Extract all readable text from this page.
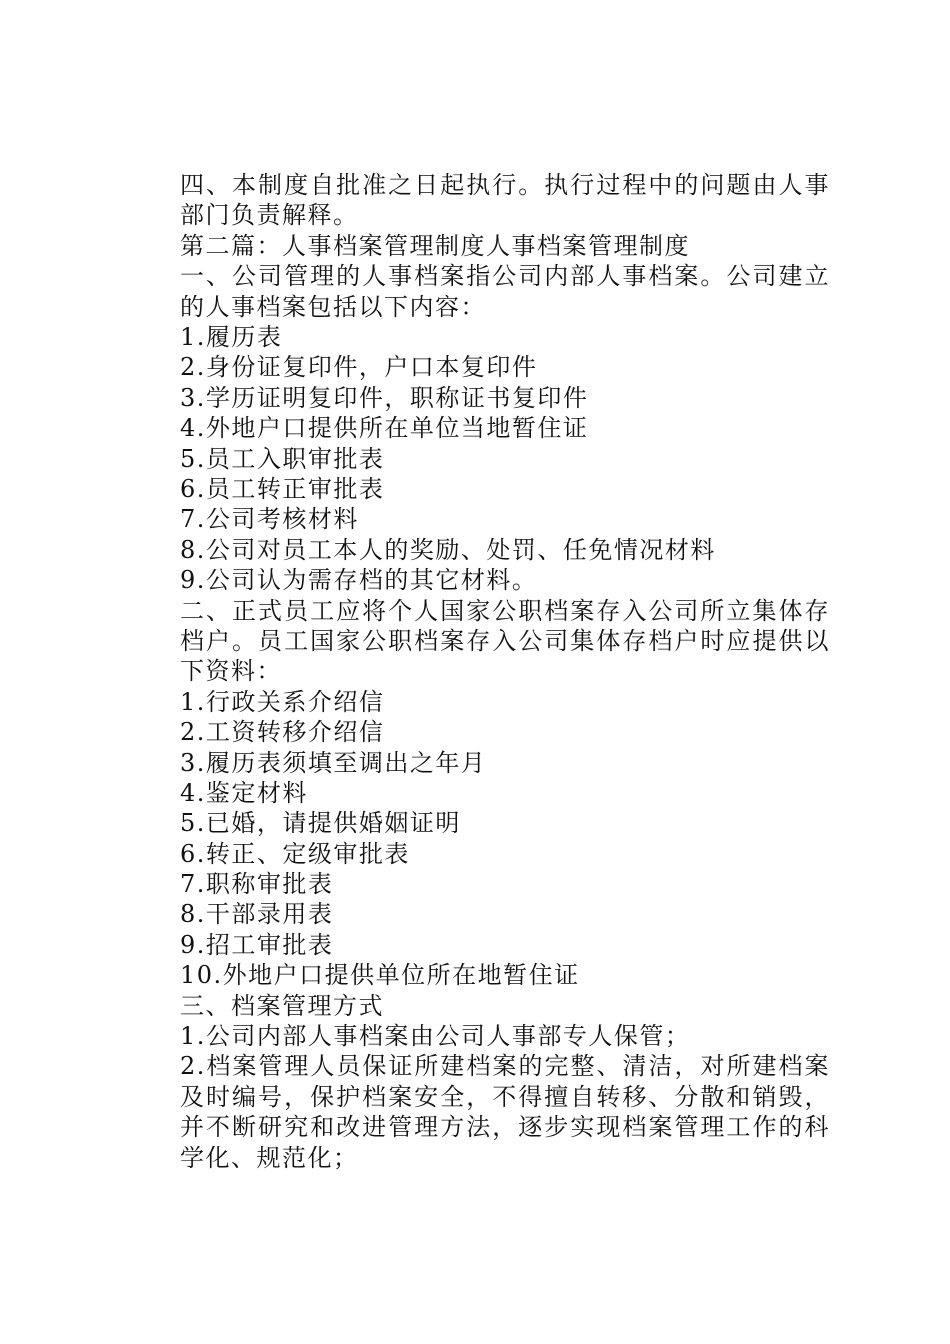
四、本制度自批准之日起执行。执行过程中的问题由人事部门负责解释。
第二篇：人事档案管理制度人事档案管理制度
一、公司管理的人事档案指公司内部人事档案。公司建立的人事档案包括以下内容：
1.履历表
2.身份证复印件，户口本复印件
3.学历证明复印件，职称证书复印件
4.外地户口提供所在单位当地暂住证
5.员工入职审批表
6.员工转正审批表
7.公司考核材料
8.公司对员工本人的奖励、处罚、任免情况材料
9.公司认为需存档的其它材料。
二、正式员工应将个人国家公职档案存入公司所立集体存档户。员工国家公职档案存入公司集体存档户时应提供以下资料：
1.行政关系介绍信
2.工资转移介绍信
3.履历表须填至调出之年月
4.鉴定材料
5.已婚，请提供婚姻证明
6.转正、定级审批表
7.职称审批表
8.干部录用表
9.招工审批表
10.外地户口提供单位所在地暂住证
三、档案管理方式
1.公司内部人事档案由公司人事部专人保管；
2.档案管理人员保证所建档案的完整、清洁，对所建档案及时编号，保护档案安全，不得擅自转移、分散和销毁，并不断研究和改进管理方法，逐步实现档案管理工作的科学化、规范化；
